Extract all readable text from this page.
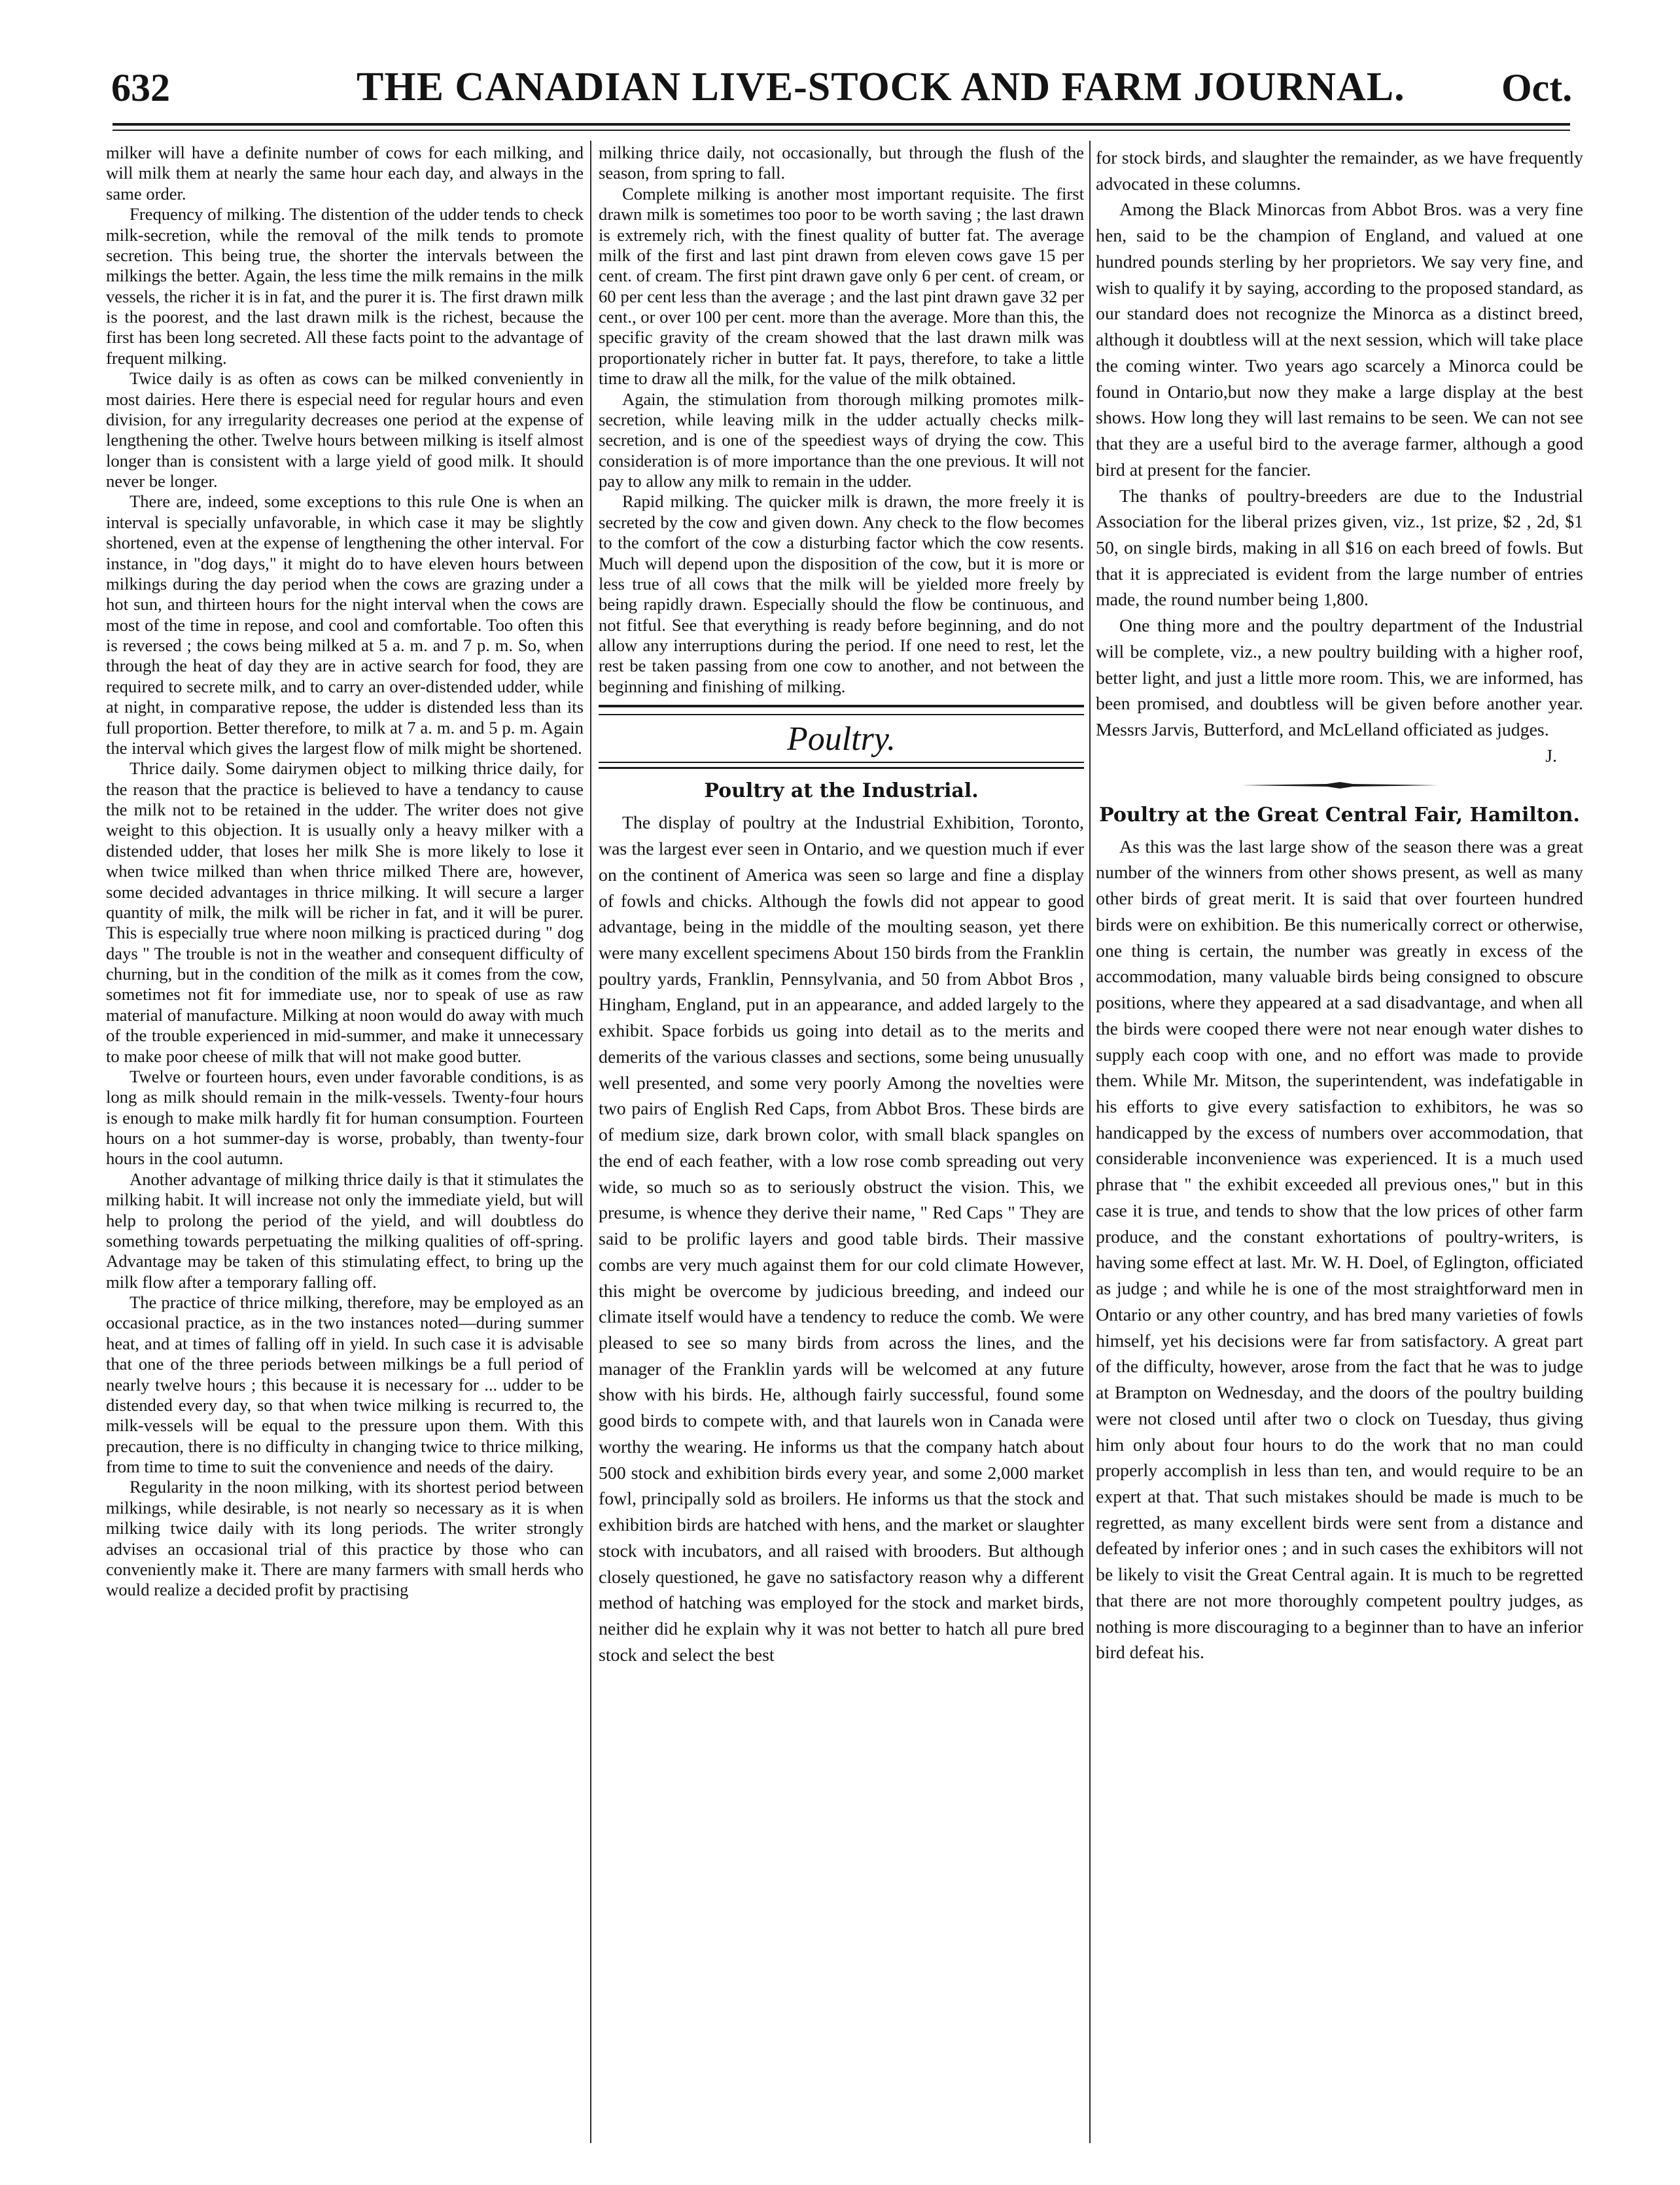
632	THE CANADIAN LIVE-STOCK AND FARM JOURNAL. Oct.

milker will have a definite number of cows for each milking, and will milk them at nearly the same hour each day, and always in the same order.

Frequency of milking. The distention of the udder tends to check milk-secretion, while the removal of the milk tends to promote secretion. This being true, the shorter the intervals between the milkings the better. Again, the less time the milk remains in the milk vessels, the richer it is in fat, and the purer it is. The first drawn milk is the poorest, and the last drawn milk is the richest, because the first has been long secreted. All these facts point to the advantage of frequent milking.

Twice daily is as often as cows can be milked conveniently in most dairies. Here there is especial need for regular hours and even division, for any irregularity decreases one period at the expense of lengthening the other. Twelve hours between milking is itself almost longer than is consistent with a large yield of good milk. It should never be longer.

There are, indeed, some exceptions to this rule One is when an interval is specially unfavorable, in which case it may be slightly shortened, even at the expense of lengthening the other interval. For instance, in "dog days," it might do to have eleven hours between milkings during the day period when the cows are grazing under a hot sun, and thirteen hours for the night interval when the cows are most of the time in repose, and cool and comfortable. Too often this is reversed ; the cows being milked at 5 a. m. and 7 p. m. So, when through the heat of day they are in active search for food, they are required to secrete milk, and to carry an over-distended udder, while at night, in comparative repose, the udder is distended less than its full proportion. Better therefore, to milk at 7 a. m. and 5 p. m. Again the interval which gives the largest flow of milk might be shortened.

Thrice daily. Some dairymen object to milking thrice daily, for the reason that the practice is believed to have a tendancy to cause the milk not to be retained in the udder. The writer does not give weight to this objection. It is usually only a heavy milker with a distended udder, that loses her milk She is more likely to lose it when twice milked than when thrice milked There are, however, some decided advantages in thrice milking. It will secure a larger quantity of milk, the milk will be richer in fat, and it will be purer. This is especially true where noon milking is practiced during " dog days " The trouble is not in the weather and consequent difficulty of churning, but in the condition of the milk as it comes from the cow, sometimes not fit for immediate use, nor to speak of use as raw material of manufacture. Milking at noon would do away with much of the trouble experienced in mid-summer, and make it unnecessary to make poor cheese of milk that will not make good butter.

Twelve or fourteen hours, even under favorable conditions, is as long as milk should remain in the milk-vessels. Twenty-four hours is enough to make milk hardly fit for human consumption. Fourteen hours on a hot summer-day is worse, probably, than twenty-four hours in the cool autumn.

Another advantage of milking thrice daily is that it stimulates the milking habit. It will increase not only the immediate yield, but will help to prolong the period of the yield, and will doubtless do something towards perpetuating the milking qualities of off-spring. Advantage may be taken of this stimulating effect, to bring up the milk flow after a temporary falling off.

The practice of thrice milking, therefore, may be employed as an occasional practice, as in the two instances noted—during summer heat, and at times of falling off in yield. In such case it is advisable that one of the three periods between milkings be a full period of nearly twelve hours ; this because it is necessary for ... udder to be distended every day, so that when twice milking is recurred to, the milk-vessels will be equal to the pressure upon them. With this precaution, there is no difficulty in changing twice to thrice milking, from time to time to suit the convenience and needs of the dairy.

Regularity in the noon milking, with its shortest period between milkings, while desirable, is not nearly so necessary as it is when milking twice daily with its long periods. The writer strongly advises an occasional trial of this practice by those who can conveniently make it. There are many farmers with small herds who would realize a decided profit by practising

milking thrice daily, not occasionally, but through the flush of the season, from spring to fall.

Complete milking is another most important requisite. The first drawn milk is sometimes too poor to be worth saving ; the last drawn is extremely rich, with the finest quality of butter fat. The average milk of the first and last pint drawn from eleven cows gave 15 per cent. of cream. The first pint drawn gave only 6 per cent. of cream, or 60 per cent less than the average ; and the last pint drawn gave 32 per cent., or over 100 per cent. more than the average. More than this, the specific gravity of the cream showed that the last drawn milk was proportionately richer in butter fat. It pays, therefore, to take a little time to draw all the milk, for the value of the milk obtained.

Again, the stimulation from thorough milking promotes milk-secretion, while leaving milk in the udder actually checks milk-secretion, and is one of the speediest ways of drying the cow. This consideration is of more importance than the one previous. It will not pay to allow any milk to remain in the udder.

Rapid milking. The quicker milk is drawn, the more freely it is secreted by the cow and given down. Any check to the flow becomes to the comfort of the cow a disturbing factor which the cow resents. Much will depend upon the disposition of the cow, but it is more or less true of all cows that the milk will be yielded more freely by being rapidly drawn. Especially should the flow be continuous, and not fitful. See that everything is ready before beginning, and do not allow any interruptions during the period. If one need to rest, let the rest be taken passing from one cow to another, and not between the beginning and finishing of milking.

Poultry.
Poultry at the Industrial.

The display of poultry at the Industrial Exhibition, Toronto, was the largest ever seen in Ontario, and we question much if ever on the continent of America was seen so large and fine a display of fowls and chicks. Although the fowls did not appear to good advantage, being in the middle of the moulting season, yet there were many excellent specimens About 150 birds from the Franklin poultry yards, Franklin, Pennsylvania, and 50 from Abbot Bros , Hingham, England, put in an appearance, and added largely to the exhibit. Space forbids us going into detail as to the merits and demerits of the various classes and sections, some being unusually well presented, and some very poorly Among the novelties were two pairs of English Red Caps, from Abbot Bros. These birds are of medium size, dark brown color, with small black spangles on the end of each feather, with a low rose comb spreading out very wide, so much so as to seriously obstruct the vision. This, we presume, is whence they derive their name, " Red Caps " They are said to be prolific layers and good table birds. Their massive combs are very much against them for our cold climate However, this might be overcome by judicious breeding, and indeed our climate itself would have a tendency to reduce the comb. We were pleased to see so many birds from across the lines, and the manager of the Franklin yards will be welcomed at any future show with his birds. He, although fairly successful, found some good birds to compete with, and that laurels won in Canada were worthy the wearing. He informs us that the company hatch about 500 stock and exhibition birds every year, and some 2,000 market fowl, principally sold as broilers. He informs us that the stock and exhibition birds are hatched with hens, and the market or slaughter stock with incubators, and all raised with brooders. But although closely questioned, he gave no satisfactory reason why a different method of hatching was employed for the stock and market birds, neither did he explain why it was not better to hatch all pure bred stock and select the best

for stock birds, and slaughter the remainder, as we have frequently advocated in these columns.

Among the Black Minorcas from Abbot Bros. was a very fine hen, said to be the champion of England, and valued at one hundred pounds sterling by her proprietors. We say very fine, and wish to qualify it by saying, according to the proposed standard, as our standard does not recognize the Minorca as a distinct breed, although it doubtless will at the next session, which will take place the coming winter. Two years ago scarcely a Minorca could be found in Ontario,but now they make a large display at the best shows. How long they will last remains to be seen. We can not see that they are a useful bird to the average farmer, although a good bird at present for the fancier.

The thanks of poultry-breeders are due to the Industrial Association for the liberal prizes given, viz., 1st prize, $2 , 2d, $1 50, on single birds, making in all $16 on each breed of fowls. But that it is appreciated is evident from the large number of entries made, the round number being 1,800.

One thing more and the poultry department of the Industrial will be complete, viz., a new poultry building with a higher roof, better light, and just a little more room. This, we are informed, has been promised, and doubtless will be given before another year. Messrs Jarvis, Butterford, and McLelland officiated as judges.

J.
Poultry at the Great Central Fair, Hamilton.

As this was the last large show of the season there was a great number of the winners from other shows present, as well as many other birds of great merit. It is said that over fourteen hundred birds were on exhibition. Be this numerically correct or otherwise, one thing is certain, the number was greatly in excess of the accommodation, many valuable birds being consigned to obscure positions, where they appeared at a sad disadvantage, and when all the birds were cooped there were not near enough water dishes to supply each coop with one, and no effort was made to provide them. While Mr. Mitson, the superintendent, was indefatigable in his efforts to give every satisfaction to exhibitors, he was so handicapped by the excess of numbers over accommodation, that considerable inconvenience was experienced. It is a much used phrase that " the exhibit exceeded all previous ones," but in this case it is true, and tends to show that the low prices of other farm produce, and the constant exhortations of poultry-writers, is having some effect at last. Mr. W. H. Doel, of Eglington, officiated as judge ; and while he is one of the most straightforward men in Ontario or any other country, and has bred many varieties of fowls himself, yet his decisions were far from satisfactory. A great part of the difficulty, however, arose from the fact that he was to judge at Brampton on Wednesday, and the doors of the poultry building were not closed until after two o clock on Tuesday, thus giving him only about four hours to do the work that no man could properly accomplish in less than ten, and would require to be an expert at that. That such mistakes should be made is much to be regretted, as many excellent birds were sent from a distance and defeated by inferior ones ; and in such cases the exhibitors will not be likely to visit the Great Central again. It is much to be regretted that there are not more thoroughly competent poultry judges, as nothing is more discouraging to a beginner than to have an inferior bird defeat his.
